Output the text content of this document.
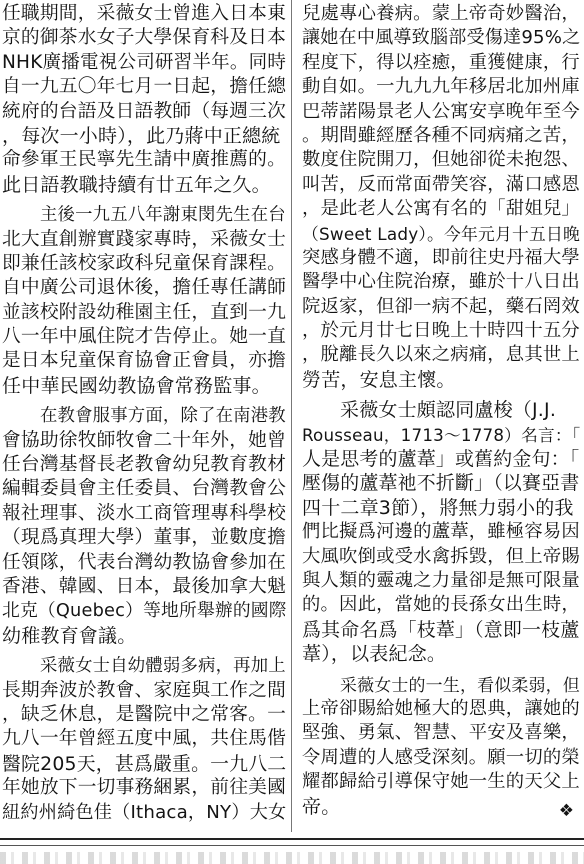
任職期間，采薇女士曾進入日本東
京的御茶水女子大學保育科及日本
NHK廣播電視公司研習半年。同時
自一九五〇年七月一日起，擔任總
統府的台語及日語教師（每週三次
，每次一小時），此乃蔣中正總統
命參軍王民寧先生請中廣推薦的。
此日語教職持續有廿五年之久。
主後一九五八年謝東閔先生在台
北大直創辦實踐家專時，采薇女士
即兼任該校家政科兒童保育課程。
自中廣公司退休後，擔任專任講師
並該校附設幼稚園主任，直到一九
八一年中風住院才告停止。她一直
是日本兒童保育協會正會員，亦擔
任中華民國幼教協會常務監事。
在教會服事方面，除了在南港教
會協助徐牧師牧會二十年外，她曾
任台灣基督長老教會幼兒教育教材
編輯委員會主任委員、台灣教會公
報社理事、淡水工商管理專科學校
（現爲真理大學）董事，並數度擔
任領隊，代表台灣幼教協會參加在
香港、韓國、日本，最後加拿大魁
北克（Quebec）等地所舉辦的國際
幼稚教育會議。
采薇女士自幼體弱多病，再加上
長期奔波於教會、家庭與工作之間
，缺乏休息，是醫院中之常客。一
九八一年曾經五度中風，共住馬偕
醫院205天，甚爲嚴重。一九八二
年她放下一切事務綑累，前往美國
紐約州綺色佳（Ithaca，NY）大女
兒處專心養病。蒙上帝奇妙醫治，
讓她在中風導致腦部受傷達95%之
程度下，得以痊癒，重獲健康，行
動自如。一九九九年移居北加州庫
巴蒂諾陽景老人公寓安享晚年至今
。期間雖經歷各種不同病痛之苦，
數度住院開刀，但她卻從未抱怨、
叫苦，反而常面帶笑容，滿口感恩
，是此老人公寓有名的「甜姐兒」
（Sweet Lady）。今年元月十五日晚
突感身體不適，即前往史丹福大學
醫學中心住院治療，雖於十八日出
院返家，但卻一病不起，藥石罔效
，於元月廿七日晚上十時四十五分
，脫離長久以來之病痛，息其世上
勞苦，安息主懷。
采薇女士頗認同盧梭（J.J.
Rousseau，1713～1778）名言：「
人是思考的蘆葦」或舊約金句：「
壓傷的蘆葦祂不折斷」（以賽亞書
四十二章3節），將無力弱小的我
們比擬爲河邊的蘆葦，雖極容易因
大風吹倒或受水禽拆毀，但上帝賜
與人類的靈魂之力量卻是無可限量
的。因此，當她的長孫女出生時，
爲其命名爲「枝葦」（意即一枝蘆
葦），以表紀念。
采薇女士的一生，看似柔弱，但
上帝卻賜給她極大的恩典，讓她的
堅強、勇氣、智慧、平安及喜樂，
令周遭的人感受深刻。願一切的榮
耀都歸給引導保守她一生的天父上
帝。	❖
